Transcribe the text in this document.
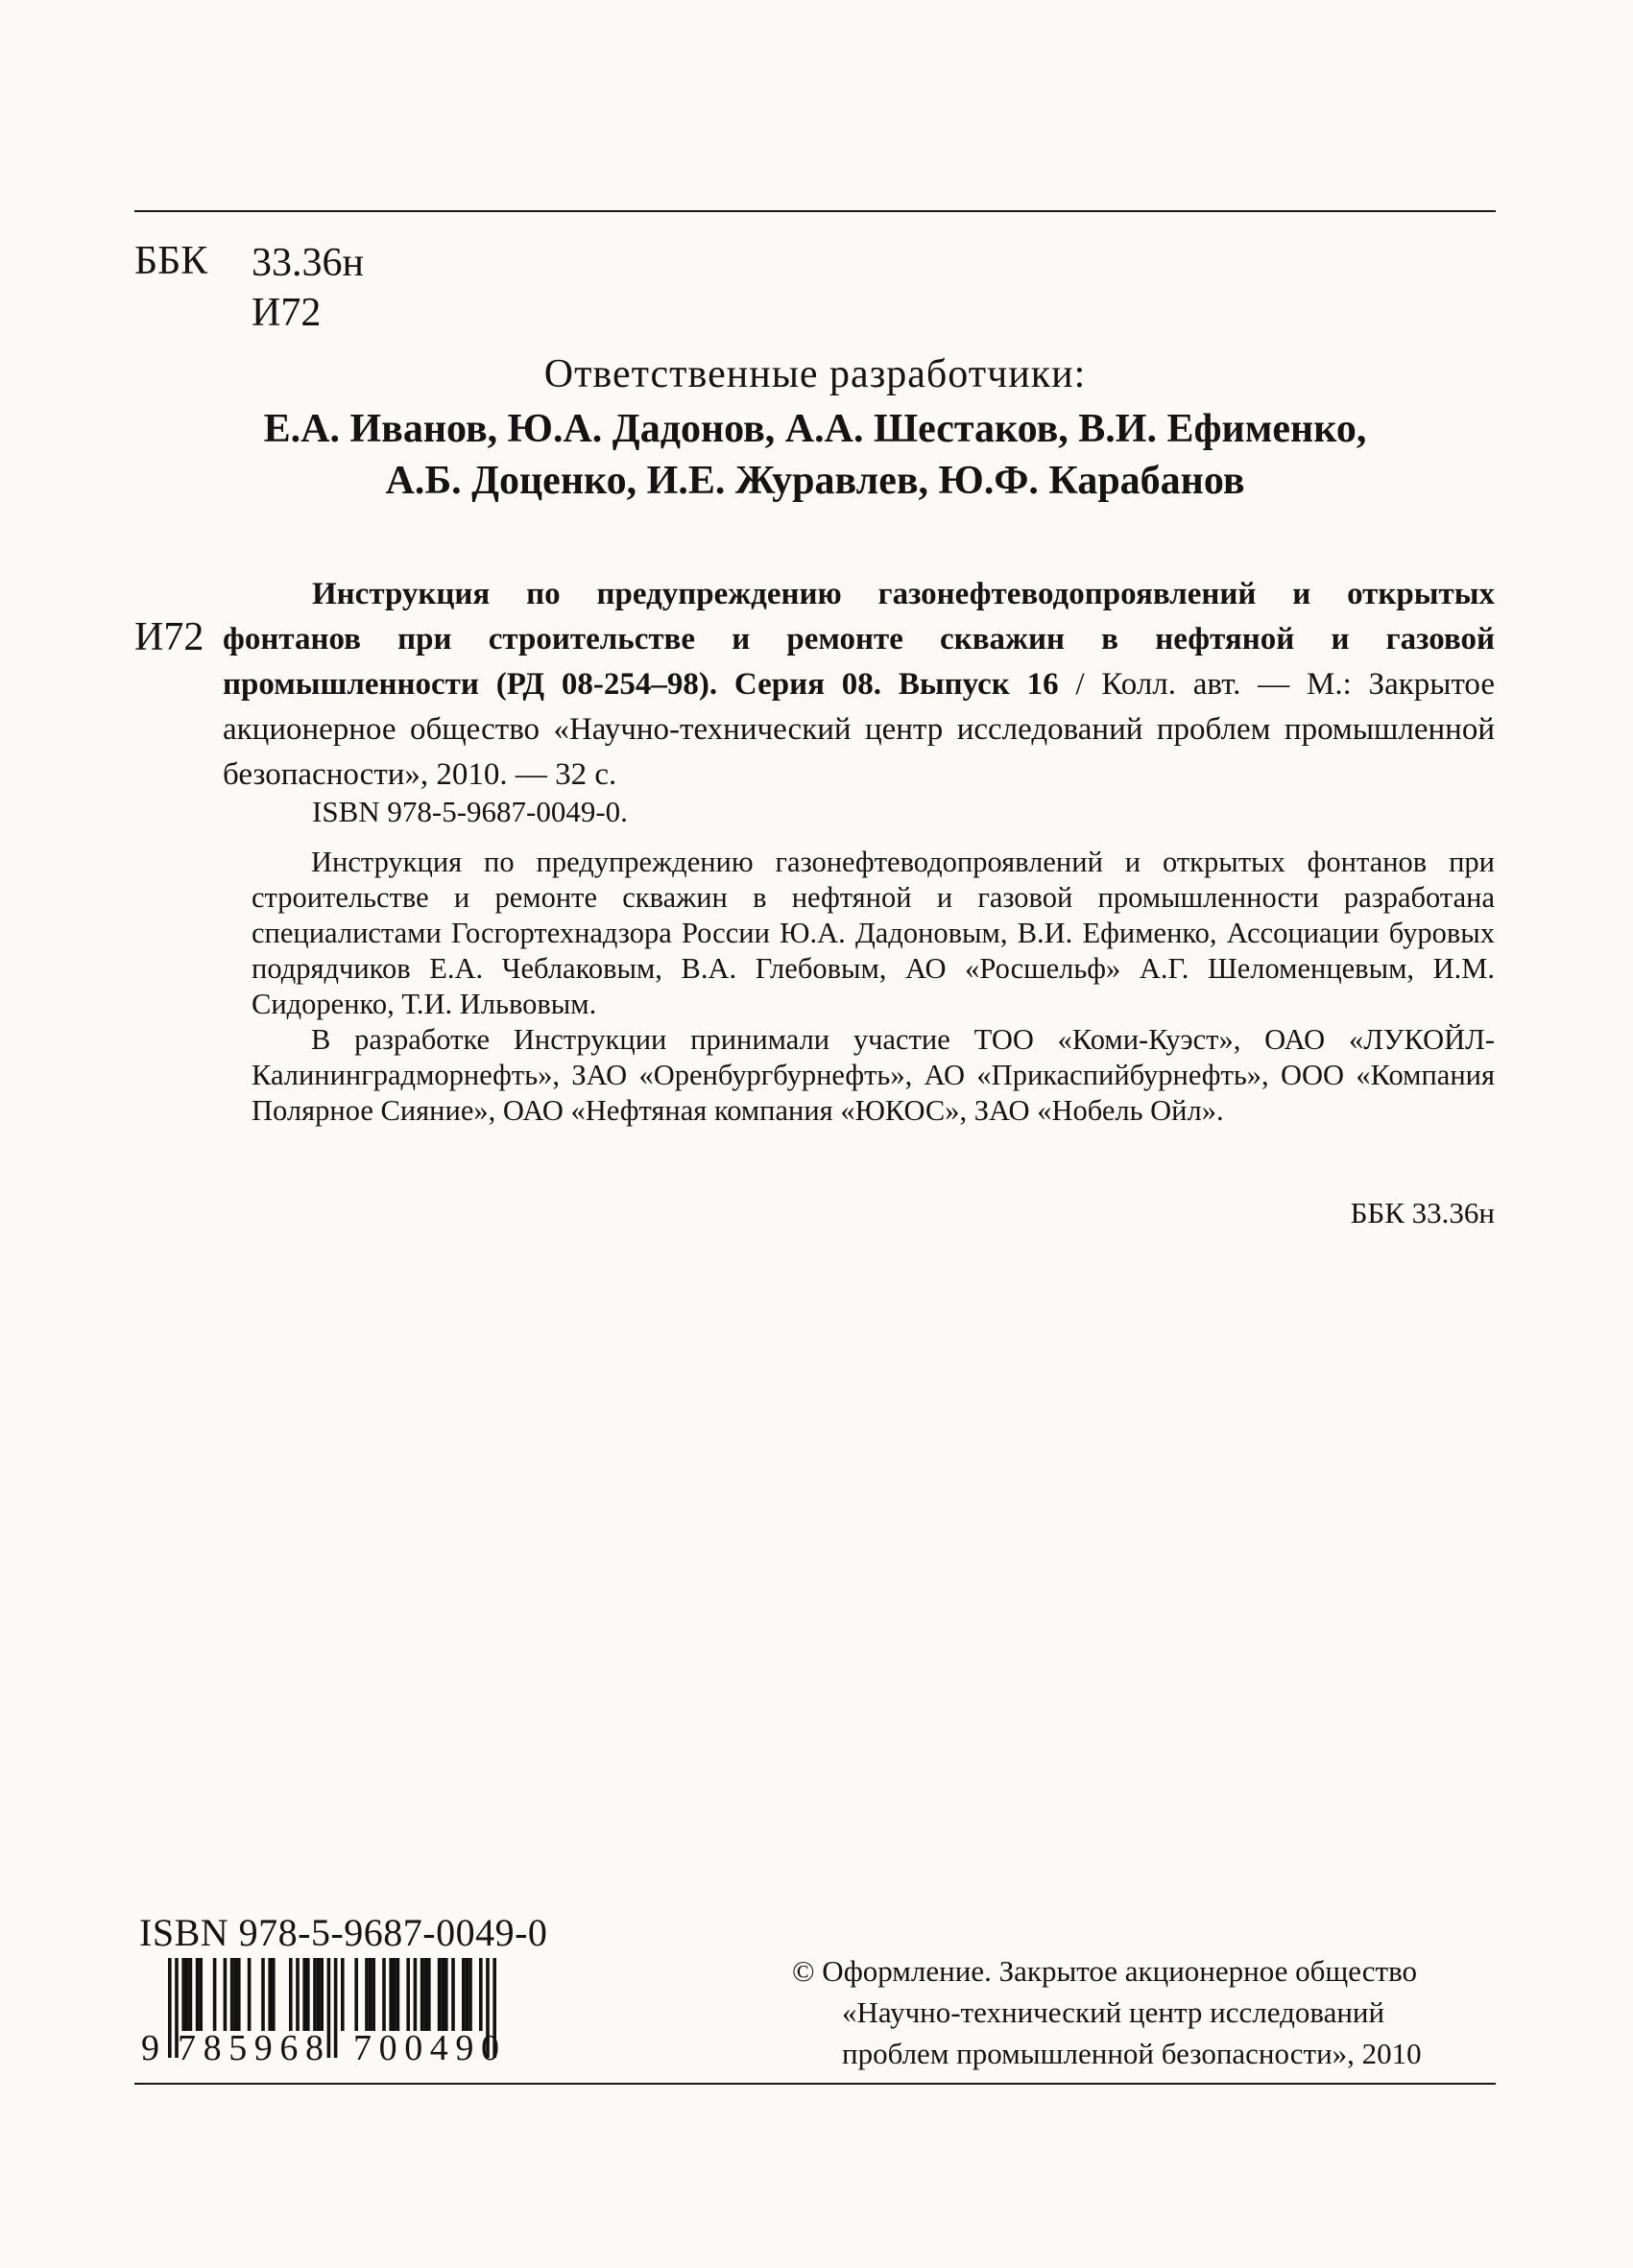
ББК 33.36н
И72
Ответственные разработчики:
Е.А. Иванов, Ю.А. Дадонов, А.А. Шестаков, В.И. Ефименко,
А.Б. Доценко, И.Е. Журавлев, Ю.Ф. Карабанов
И72
Инструкция по предупреждению газонефтеводопроявлений и открытых фонтанов при строительстве и ремонте скважин в нефтяной и газовой промышленности (РД 08-254–98). Серия 08. Выпуск 16 / Колл. авт. — М.: Закрытое акционерное общество «Научно-технический центр исследований проблем промышленной безопасности», 2010. — 32 с.
ISBN 978-5-9687-0049-0.

Инструкция по предупреждению газонефтеводопроявлений и открытых фонтанов при строительстве и ремонте скважин в нефтяной и газовой промышленности разработана специалистами Госгортехнадзора России Ю.А. Дадоновым, В.И. Ефименко, Ассоциации буровых подрядчиков Е.А. Чеблаковым, В.А. Глебовым, АО «Росшельф» А.Г. Шеломенцевым, И.М. Сидоренко, Т.И. Ильвовым.

В разработке Инструкции принимали участие ТОО «Коми-Куэст», ОАО «ЛУКОЙЛ-Калининградморнефть», ЗАО «Оренбургбурнефть», АО «Прикаспийбурнефть», ООО «Компания Полярное Сияние», ОАО «Нефтяная компания «ЮКОС», ЗАО «Нобель Ойл».

ББК 33.36н
ISBN 978-5-9687-0049-0
9 785968 700490
© Оформление. Закрытое акционерное общество
«Научно-технический центр исследований
проблем промышленной безопасности», 2010
